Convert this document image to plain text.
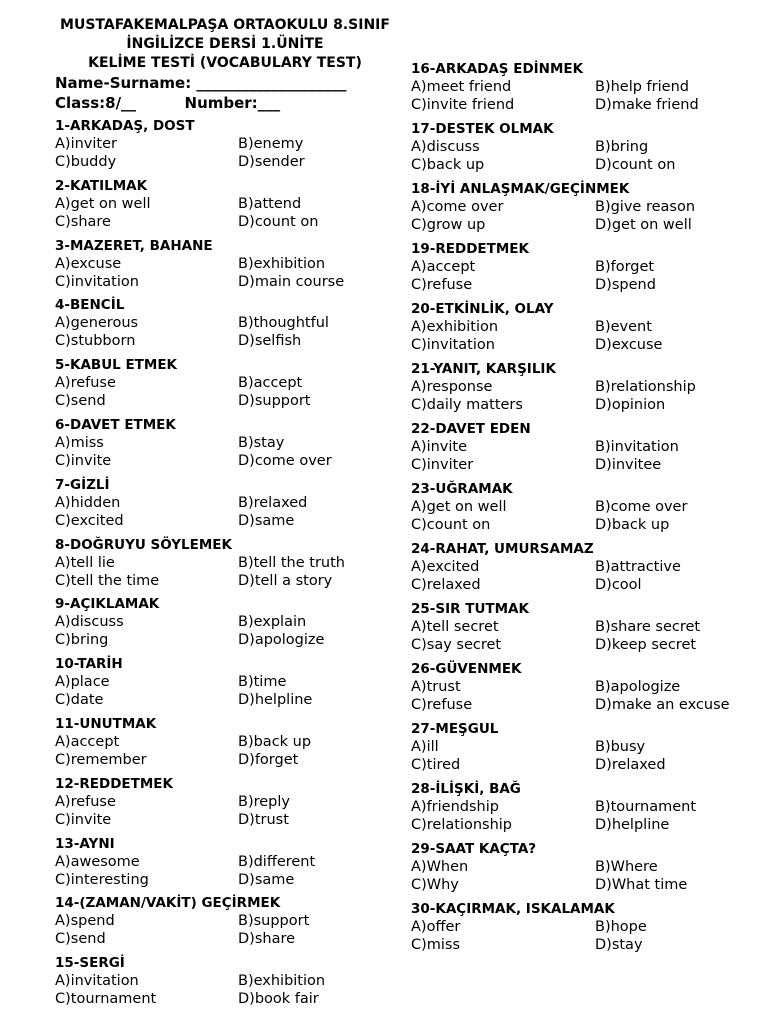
MUSTAFAKEMALPAŞA ORTAOKULU 8.SINIF
İNGİLİZCE DERSİ 1.ÜNİTE
KELİME TESTİ (VOCABULARY TEST)
Name-Surname: ____________________
Class:8/__	Number:___
1-ARKADAŞ, DOST
A)inviter	B)enemy
C)buddy	D)sender
2-KATILMAK
A)get on well	B)attend
C)share	D)count on
3-MAZERET, BAHANE
A)excuse	B)exhibition
C)invitation	D)main course
4-BENCİL
A)generous	B)thoughtful
C)stubborn	D)selfish
5-KABUL ETMEK
A)refuse	B)accept
C)send	D)support
6-DAVET ETMEK
A)miss	B)stay
C)invite	D)come over
7-GİZLİ
A)hidden	B)relaxed
C)excited	D)same
8-DOĞRUYU SÖYLEMEK
A)tell lie	B)tell the truth
C)tell the time	D)tell a story
9-AÇIKLAMAK
A)discuss	B)explain
C)bring	D)apologize
10-TARİH
A)place	B)time
C)date	D)helpline
11-UNUTMAK
A)accept	B)back up
C)remember	D)forget
12-REDDETMEK
A)refuse	B)reply
C)invite	D)trust
13-AYNI
A)awesome	B)different
C)interesting	D)same
14-(ZAMAN/VAKİT) GEÇİRMEK
A)spend	B)support
C)send	D)share
15-SERGİ
A)invitation	B)exhibition
C)tournament	D)book fair
16-ARKADAŞ EDİNMEK
A)meet friend	B)help friend
C)invite friend	D)make friend
17-DESTEK OLMAK
A)discuss	B)bring
C)back up	D)count on
18-İYİ ANLAŞMAK/GEÇİNMEK
A)come over	B)give reason
C)grow up	D)get on well
19-REDDETMEK
A)accept	B)forget
C)refuse	D)spend
20-ETKİNLİK, OLAY
A)exhibition	B)event
C)invitation	D)excuse
21-YANIT, KARŞILIK
A)response	B)relationship
C)daily matters	D)opinion
22-DAVET EDEN
A)invite	B)invitation
C)inviter	D)invitee
23-UĞRAMAK
A)get on well	B)come over
C)count on	D)back up
24-RAHAT, UMURSAMAZ
A)excited	B)attractive
C)relaxed	D)cool
25-SIR TUTMAK
A)tell secret	B)share secret
C)say secret	D)keep secret
26-GÜVENMEK
A)trust	B)apologize
C)refuse	D)make an excuse
27-MEŞGUL
A)ill	B)busy
C)tired	D)relaxed
28-İLİŞKİ, BAĞ
A)friendship	B)tournament
C)relationship	D)helpline
29-SAAT KAÇTA?
A)When	B)Where
C)Why	D)What time
30-KAÇIRMAK, ISKALAMAK
A)offer	B)hope
C)miss	D)stay
